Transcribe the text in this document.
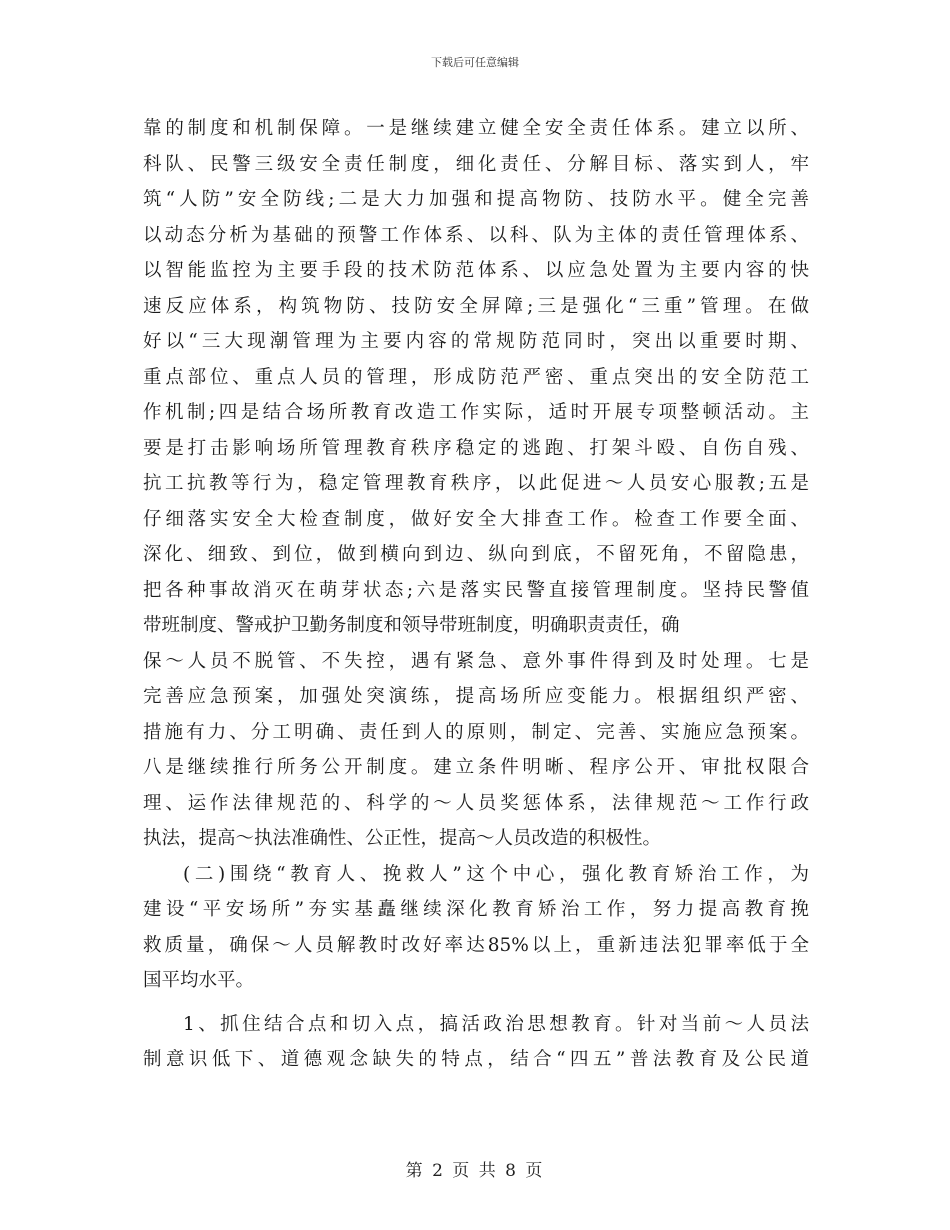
下载后可任意编辑
靠的制度和机制保障。一是继续建立健全安全责任体系。建立以所、
科队、民警三级安全责任制度，细化责任、分解目标、落实到人，牢
筑“人防”安全防线;二是大力加强和提高物防、技防水平。健全完善
以动态分析为基础的预警工作体系、以科、队为主体的责任管理体系、
以智能监控为主要手段的技术防范体系、以应急处置为主要内容的快
速反应体系，构筑物防、技防安全屏障;三是强化“三重”管理。在做
好以“三大现潮管理为主要内容的常规防范同时，突出以重要时期、
重点部位、重点人员的管理，形成防范严密、重点突出的安全防范工
作机制;四是结合场所教育改造工作实际，适时开展专项整顿活动。主
要是打击影响场所管理教育秩序稳定的逃跑、打架斗殴、自伤自残、
抗工抗教等行为，稳定管理教育秩序，以此促进～人员安心服教;五是
仔细落实安全大检查制度，做好安全大排查工作。检查工作要全面、
深化、细致、到位，做到横向到边、纵向到底，不留死角，不留隐患，
把各种事故消灭在萌芽状态;六是落实民警直接管理制度。坚持民警值
带班制度、警戒护卫勤务制度和领导带班制度，明确职责责任，确
保～人员不脱管、不失控，遇有紧急、意外事件得到及时处理。七是
完善应急预案，加强处突演练，提高场所应变能力。根据组织严密、
措施有力、分工明确、责任到人的原则，制定、完善、实施应急预案。
八是继续推行所务公开制度。建立条件明晰、程序公开、审批权限合
理、运作法律规范的、科学的～人员奖惩体系，法律规范～工作行政
执法，提高～执法准确性、公正性，提高～人员改造的积极性。
(二)围绕“教育人、挽救人”这个中心，强化教育矫治工作，为
建设“平安场所”夯实基矗继续深化教育矫治工作，努力提高教育挽
救质量，确保～人员解教时改好率达85%以上，重新违法犯罪率低于全
国平均水平。
1、抓住结合点和切入点，搞活政治思想教育。针对当前～人员法
制意识低下、道德观念缺失的特点，结合“四五”普法教育及公民道
第 2 页 共 8 页
